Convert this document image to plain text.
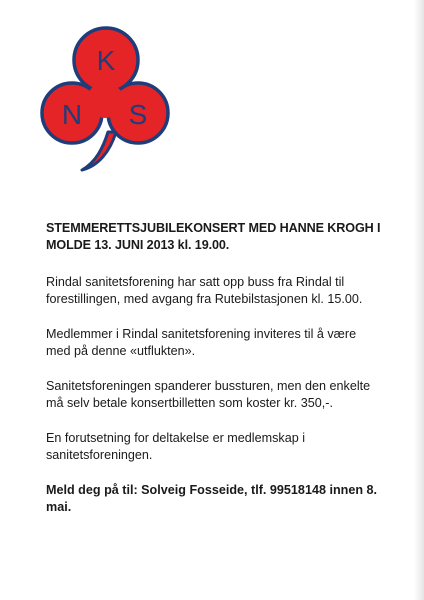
N
K
S

STEMMERETTSJUBILEKONSERT MED HANNE KROGH I MOLDE 13. JUNI 2013 kl. 19.00.

Rindal sanitetsforening har satt opp buss fra Rindal til forestillingen, med avgang fra Rutebilstasjonen kl. 15.00.

Medlemmer i Rindal sanitetsforening inviteres til å være med på denne «utflukten».

Sanitetsforeningen spanderer bussturen, men den enkelte må selv betale konsertbilletten som koster kr. 350,-.

En forutsetning for deltakelse er medlemskap i sanitetsforeningen.

Meld deg på til: Solveig Fosseide, tlf. 99518148 innen 8. mai.
